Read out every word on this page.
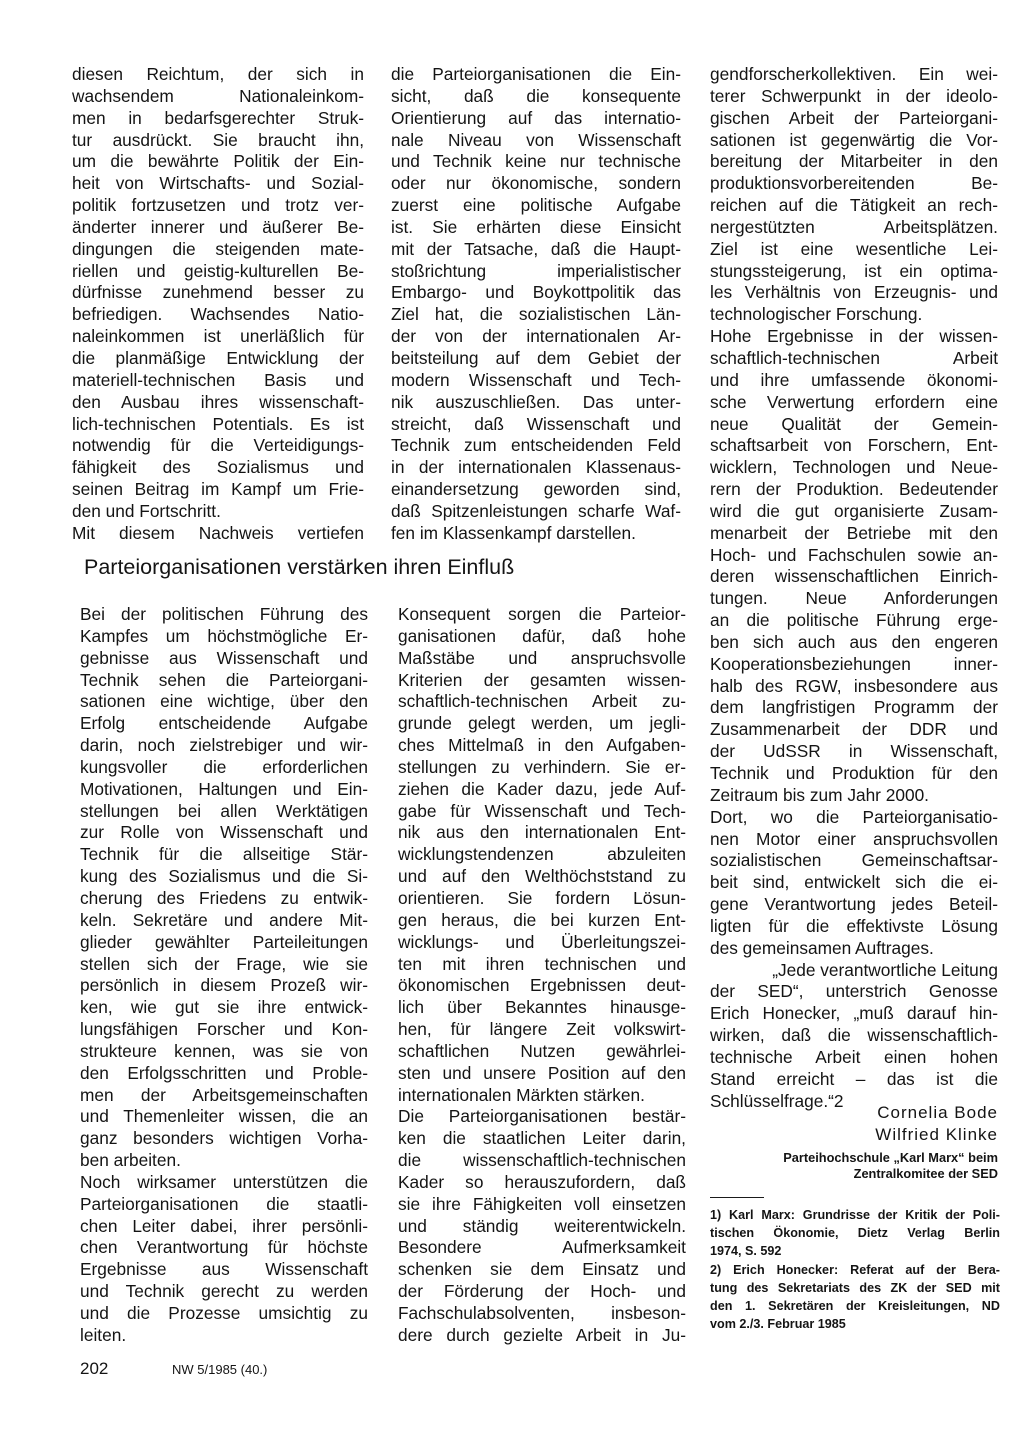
diesen Reichtum, der sich in
wachsendem Nationaleinkom-
men in bedarfsgerechter Struk-
tur ausdrückt. Sie braucht ihn,
um die bewährte Politik der Ein-
heit von Wirtschafts- und Sozial-
politik fortzusetzen und trotz ver-
änderter innerer und äußerer Be-
dingungen die steigenden mate-
riellen und geistig-kulturellen Be-
dürfnisse zunehmend besser zu
befriedigen. Wachsendes Natio-
naleinkommen ist unerläßlich für
die planmäßige Entwicklung der
materiell-technischen Basis und
den Ausbau ihres wissenschaft-
lich-technischen Potentials. Es ist
notwendig für die Verteidigungs-
fähigkeit des Sozialismus und
seinen Beitrag im Kampf um Frie-
den und Fortschritt.
Mit diesem Nachweis vertiefen
die Parteiorganisationen die Ein-
sicht, daß die konsequente
Orientierung auf das internatio-
nale Niveau von Wissenschaft
und Technik keine nur technische
oder nur ökonomische, sondern
zuerst eine politische Aufgabe
ist. Sie erhärten diese Einsicht
mit der Tatsache, daß die Haupt-
stoßrichtung imperialistischer
Embargo- und Boykottpolitik das
Ziel hat, die sozialistischen Län-
der von der internationalen Ar-
beitsteilung auf dem Gebiet der
modern Wissenschaft und Tech-
nik auszuschließen. Das unter-
streicht, daß Wissenschaft und
Technik zum entscheidenden Feld
in der internationalen Klassenaus-
einandersetzung geworden sind,
daß Spitzenleistungen scharfe Waf-
fen im Klassenkampf darstellen.
Parteiorganisationen verstärken ihren Einfluß
Bei der politischen Führung des
Kampfes um höchstmögliche Er-
gebnisse aus Wissenschaft und
Technik sehen die Parteiorgani-
sationen eine wichtige, über den
Erfolg entscheidende Aufgabe
darin, noch zielstrebiger und wir-
kungsvoller die erforderlichen
Motivationen, Haltungen und Ein-
stellungen bei allen Werktätigen
zur Rolle von Wissenschaft und
Technik für die allseitige Stär-
kung des Sozialismus und die Si-
cherung des Friedens zu entwik-
keln. Sekretäre und andere Mit-
glieder gewählter Parteileitungen
stellen sich der Frage, wie sie
persönlich in diesem Prozeß wir-
ken, wie gut sie ihre entwick-
lungsfähigen Forscher und Kon-
strukteure kennen, was sie von
den Erfolgsschritten und Proble-
men der Arbeitsgemeinschaften
und Themenleiter wissen, die an
ganz besonders wichtigen Vorha-
ben arbeiten.
Noch wirksamer unterstützen die
Parteiorganisationen die staatli-
chen Leiter dabei, ihrer persönli-
chen Verantwortung für höchste
Ergebnisse aus Wissenschaft
und Technik gerecht zu werden
und die Prozesse umsichtig zu
leiten.
Konsequent sorgen die Parteior-
ganisationen dafür, daß hohe
Maßstäbe und anspruchsvolle
Kriterien der gesamten wissen-
schaftlich-technischen Arbeit zu-
grunde gelegt werden, um jegli-
ches Mittelmaß in den Aufgaben-
stellungen zu verhindern. Sie er-
ziehen die Kader dazu, jede Auf-
gabe für Wissenschaft und Tech-
nik aus den internationalen Ent-
wicklungstendenzen abzuleiten
und auf den Welthöchststand zu
orientieren. Sie fordern Lösun-
gen heraus, die bei kurzen Ent-
wicklungs- und Überleitungszei-
ten mit ihren technischen und
ökonomischen Ergebnissen deut-
lich über Bekanntes hinausge-
hen, für längere Zeit volkswirt-
schaftlichen Nutzen gewährlei-
sten und unsere Position auf den
internationalen Märkten stärken.
Die Parteiorganisationen bestär-
ken die staatlichen Leiter darin,
die wissenschaftlich-technischen
Kader so herauszufordern, daß
sie ihre Fähigkeiten voll einsetzen
und ständig weiterentwickeln.
Besondere Aufmerksamkeit
schenken sie dem Einsatz und
der Förderung der Hoch- und
Fachschulabsolventen, insbeson-
dere durch gezielte Arbeit in Ju-
gendforscherkollektiven. Ein wei-
terer Schwerpunkt in der ideolo-
gischen Arbeit der Parteiorgani-
sationen ist gegenwärtig die Vor-
bereitung der Mitarbeiter in den
produktionsvorbereitenden Be-
reichen auf die Tätigkeit an rech-
nergestützten Arbeitsplätzen.
Ziel ist eine wesentliche Lei-
stungssteigerung, ist ein optima-
les Verhältnis von Erzeugnis- und
technologischer Forschung.
Hohe Ergebnisse in der wissen-
schaftlich-technischen Arbeit
und ihre umfassende ökonomi-
sche Verwertung erfordern eine
neue Qualität der Gemein-
schaftsarbeit von Forschern, Ent-
wicklern, Technologen und Neue-
rern der Produktion. Bedeutender
wird die gut organisierte Zusam-
menarbeit der Betriebe mit den
Hoch- und Fachschulen sowie an-
deren wissenschaftlichen Einrich-
tungen. Neue Anforderungen
an die politische Führung erge-
ben sich auch aus den engeren
Kooperationsbeziehungen inner-
halb des RGW, insbesondere aus
dem langfristigen Programm der
Zusammenarbeit der DDR und
der UdSSR in Wissenschaft,
Technik und Produktion für den
Zeitraum bis zum Jahr 2000.
Dort, wo die Parteiorganisatio-
nen Motor einer anspruchsvollen
sozialistischen Gemeinschaftsar-
beit sind, entwickelt sich die ei-
gene Verantwortung jedes Beteil-
ligten für die effektivste Lösung
des gemeinsamen Auftrages.
„Jede verantwortliche Leitung
der SED“, unterstrich Genosse
Erich Honecker, „muß darauf hin-
wirken, daß die wissenschaftlich-
technische Arbeit einen hohen
Stand erreicht – das ist die
Schlüsselfrage.“2
Cornelia Bode
Wilfried Klinke
Parteihochschule „Karl Marx“ beim
Zentralkomitee der SED
1) Karl Marx: Grundrisse der Kritik der Poli-
tischen Ökonomie, Dietz Verlag Berlin
1974, S. 592
2) Erich Honecker: Referat auf der Bera-
tung des Sekretariats des ZK der SED mit
den 1. Sekretären der Kreisleitungen, ND
vom 2./3. Februar 1985
202	NW 5/1985 (40.)
